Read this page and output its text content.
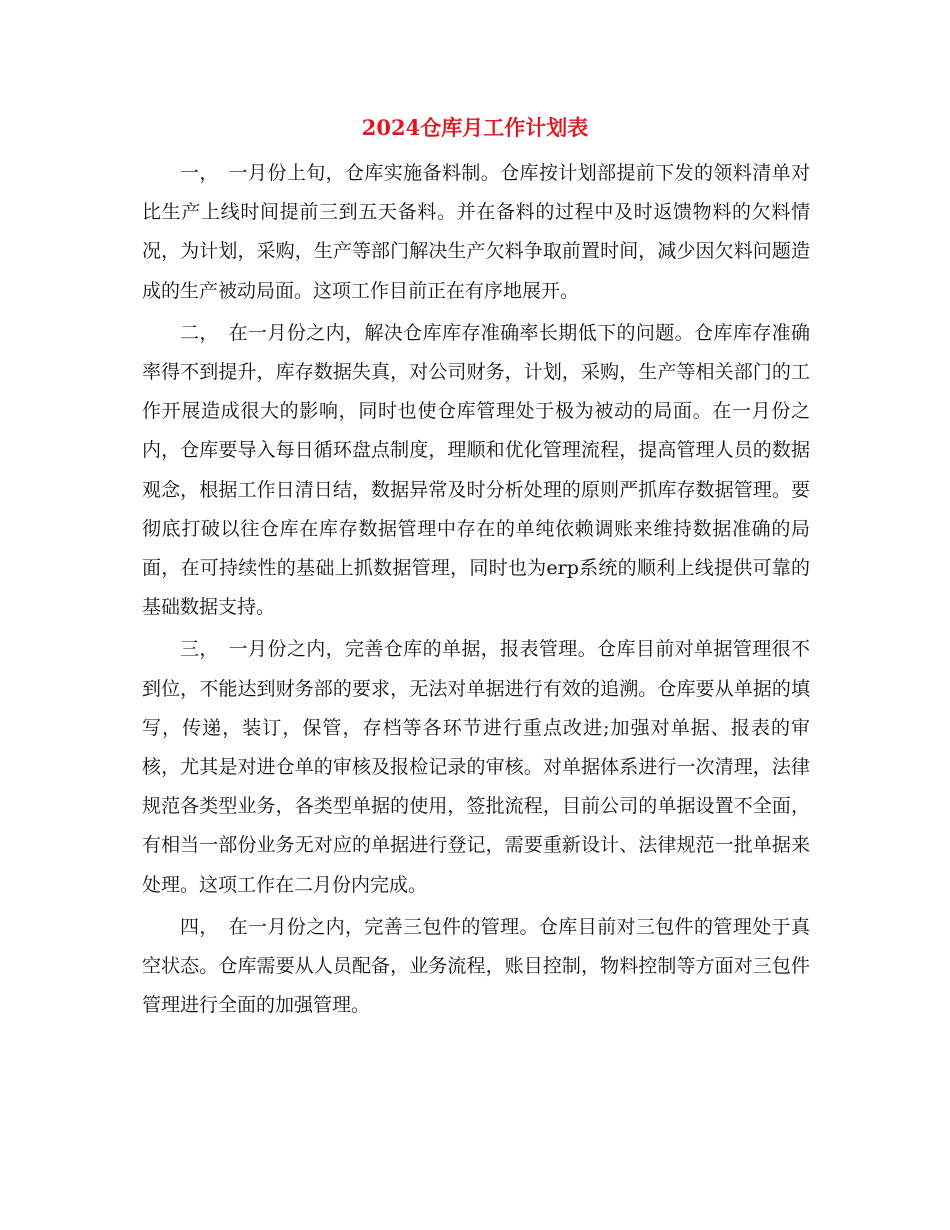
2024仓库月工作计划表

一，　一月份上旬，仓库实施备料制。仓库按计划部提前下发的领料清单对比生产上线时间提前三到五天备料。并在备料的过程中及时返馈物料的欠料情况，为计划，采购，生产等部门解决生产欠料争取前置时间，减少因欠料问题造成的生产被动局面。这项工作目前正在有序地展开。

二，　在一月份之内，解决仓库库存准确率长期低下的问题。仓库库存准确率得不到提升，库存数据失真，对公司财务，计划，采购，生产等相关部门的工作开展造成很大的影响，同时也使仓库管理处于极为被动的局面。在一月份之内，仓库要导入每日循环盘点制度，理顺和优化管理流程，提高管理人员的数据观念，根据工作日清日结，数据异常及时分析处理的原则严抓库存数据管理。要彻底打破以往仓库在库存数据管理中存在的单纯依赖调账来维持数据准确的局面，在可持续性的基础上抓数据管理，同时也为erp系统的顺利上线提供可靠的基础数据支持。

三，　一月份之内，完善仓库的单据，报表管理。仓库目前对单据管理很不到位，不能达到财务部的要求，无法对单据进行有效的追溯。仓库要从单据的填写，传递，装订，保管，存档等各环节进行重点改进;加强对单据、报表的审核，尤其是对进仓单的审核及报检记录的审核。对单据体系进行一次清理，法律规范各类型业务，各类型单据的使用，签批流程，目前公司的单据设置不全面，有相当一部份业务无对应的单据进行登记，需要重新设计、法律规范一批单据来处理。这项工作在二月份内完成。

四，　在一月份之内，完善三包件的管理。仓库目前对三包件的管理处于真空状态。仓库需要从人员配备，业务流程，账目控制，物料控制等方面对三包件管理进行全面的加强管理。
